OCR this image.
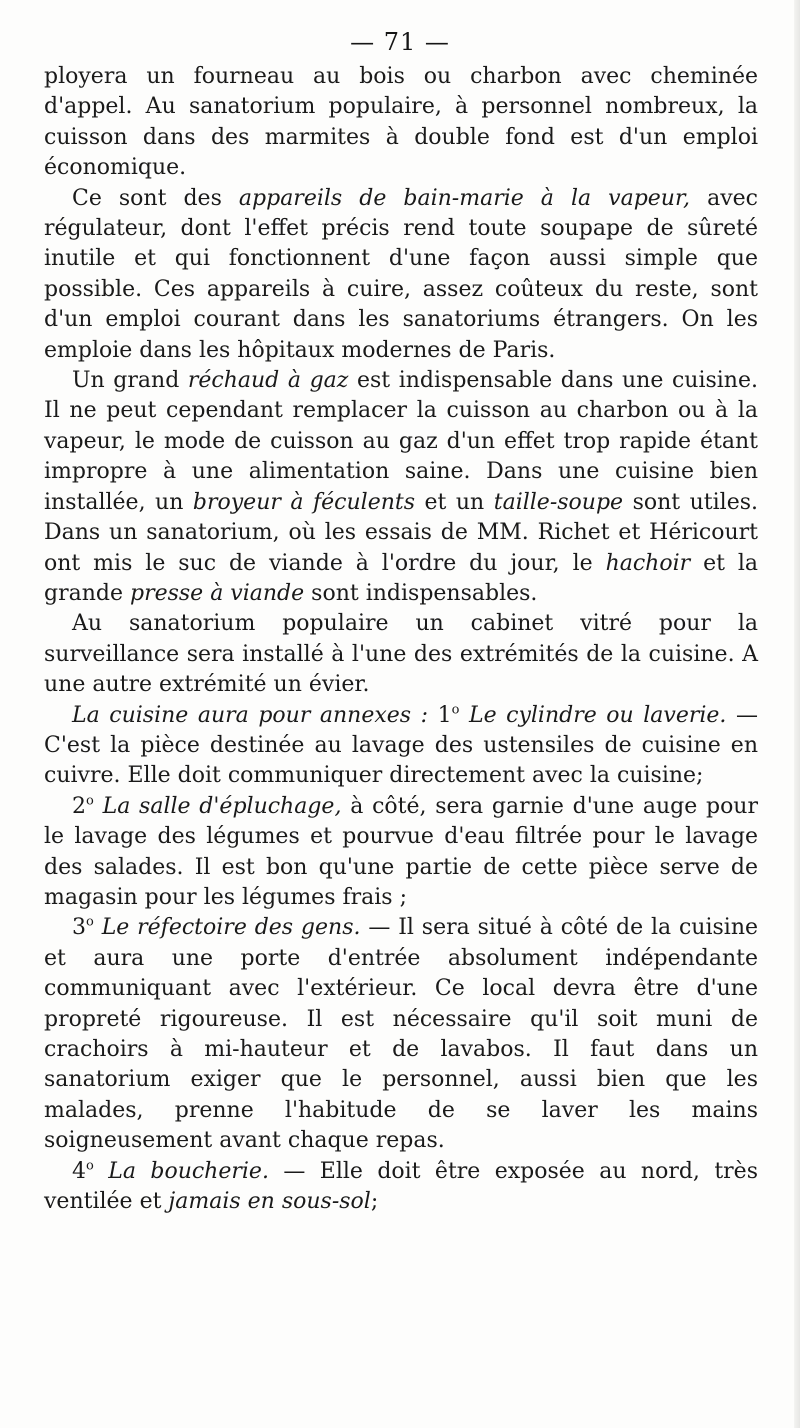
— 71 —

ployera un fourneau au bois ou charbon avec cheminée d'appel. Au sanatorium populaire, à personnel nombreux, la cuisson dans des marmites à double fond est d'un emploi économique.

Ce sont des appareils de bain-marie à la vapeur, avec régulateur, dont l'effet précis rend toute soupape de sûreté inutile et qui fonctionnent d'une façon aussi simple que possible. Ces appareils à cuire, assez coûteux du reste, sont d'un emploi courant dans les sanatoriums étrangers. On les emploie dans les hôpitaux modernes de Paris.

Un grand réchaud à gaz est indispensable dans une cuisine. Il ne peut cependant remplacer la cuisson au charbon ou à la vapeur, le mode de cuisson au gaz d'un effet trop rapide étant impropre à une alimentation saine. Dans une cuisine bien installée, un broyeur à féculents et un taille-soupe sont utiles. Dans un sanatorium, où les essais de MM. Richet et Héricourt ont mis le suc de viande à l'ordre du jour, le hachoir et la grande presse à viande sont indispensables.

Au sanatorium populaire un cabinet vitré pour la surveillance sera installé à l'une des extrémités de la cuisine. A une autre extrémité un évier.

La cuisine aura pour annexes : 1$^o$ Le cylindre ou laverie. — C'est la pièce destinée au lavage des ustensiles de cuisine en cuivre. Elle doit communiquer directement avec la cuisine;

2$^o$ La salle d'épluchage, à côté, sera garnie d'une auge pour le lavage des légumes et pourvue d'eau filtrée pour le lavage des salades. Il est bon qu'une partie de cette pièce serve de magasin pour les légumes frais ;

3$^o$ Le réfectoire des gens. — Il sera situé à côté de la cuisine et aura une porte d'entrée absolument indépendante communiquant avec l'extérieur. Ce local devra être d'une propreté rigoureuse. Il est nécessaire qu'il soit muni de crachoirs à mi-hauteur et de lavabos. Il faut dans un sanatorium exiger que le personnel, aussi bien que les malades, prenne l'habitude de se laver les mains soigneusement avant chaque repas.

4$^o$ La boucherie. — Elle doit être exposée au nord, très ventilée et jamais en sous-sol;
